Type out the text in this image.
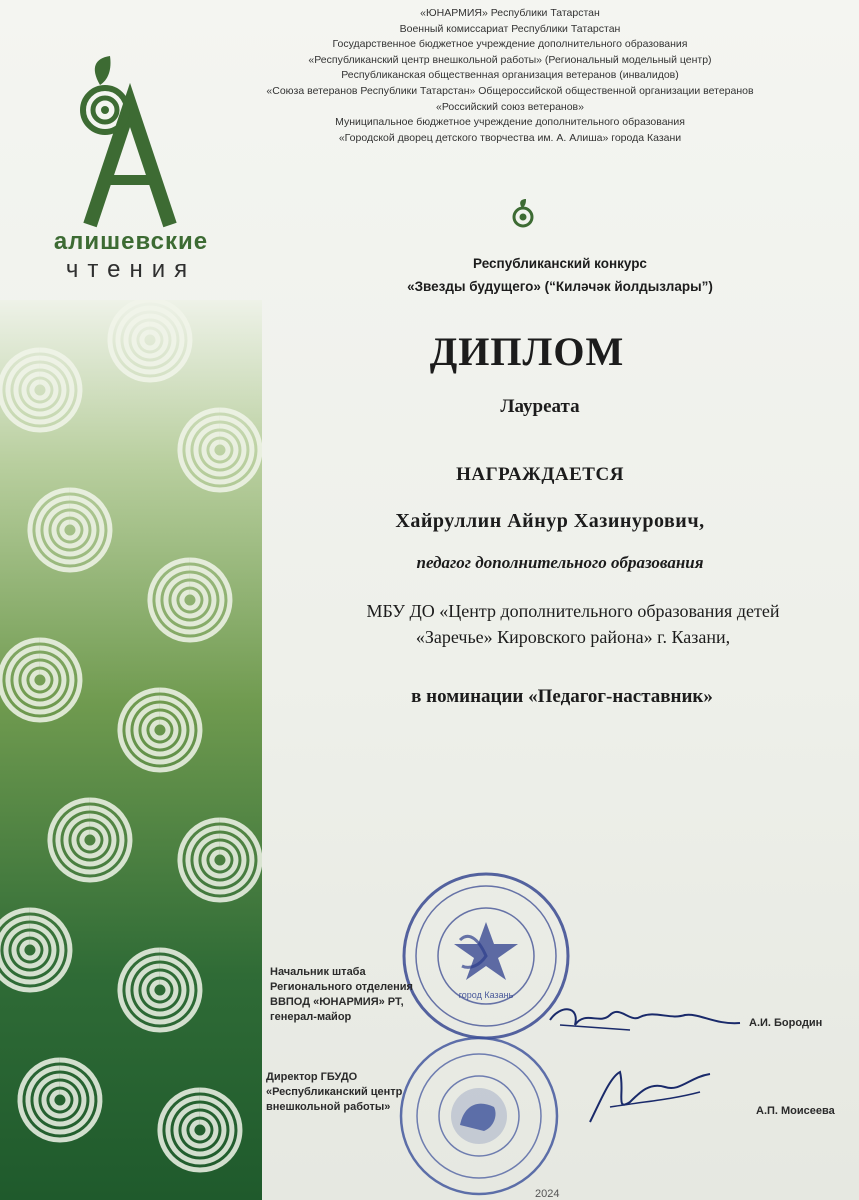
алишевские
чтения
«ЮНАРМИЯ» Республики Татарстан
Военный комиссариат Республики Татарстан
Государственное бюджетное учреждение дополнительного образования
«Республиканский центр внешкольной работы» (Региональный модельный центр)
Республиканская общественная организация ветеранов (инвалидов)
«Союза ветеранов Республики Татарстан» Общероссийской общественной организации ветеранов
«Российский союз ветеранов»
Муниципальное бюджетное учреждение дополнительного образования
«Городской дворец детского творчества им. А. Алиша» города Казани
Республиканский конкурс
«Звезды будущего» (“Киләчәк йолдызлары”)
ДИПЛОМ
Лауреата
НАГРАЖДАЕТСЯ
Хайруллин Айнур Хазинурович,
педагог дополнительного образования
МБУ ДО «Центр дополнительного образования детей
«Заречье» Кировского района» г. Казани,
в номинации «Педагог-наставник»
город Казань
Начальник штаба
Регионального отделения
ВВПОД «ЮНАРМИЯ» РТ,
генерал-майор	А.И. Бородин
Директор ГБУДО
«Республиканский центр
внешкольной работы»	А.П. Моисеева
2024
